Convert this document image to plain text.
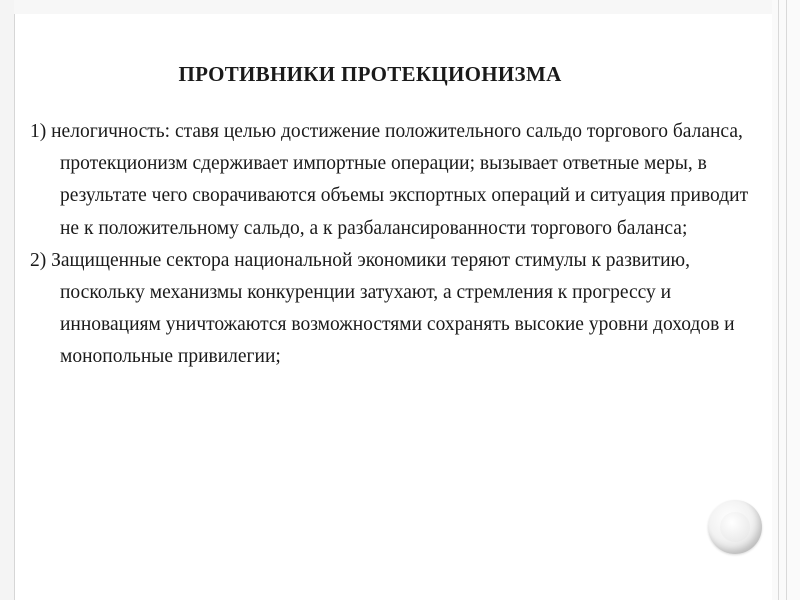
ПРОТИВНИКИ ПРОТЕКЦИОНИЗМА

1) нелогичность: ставя целью достижение положительного сальдо торгового баланса, протекционизм сдерживает импортные операции; вызывает ответные меры, в результате чего сворачиваются объемы экспортных операций и ситуация приводит не к положительному сальдо, а к разбалансированности торгового баланса;

2) Защищенные сектора национальной экономики теряют стимулы к развитию, поскольку механизмы конкуренции затухают, а стремления к прогрессу и инновациям уничтожаются возможностями сохранять высокие уровни доходов и монопольные привилегии;
